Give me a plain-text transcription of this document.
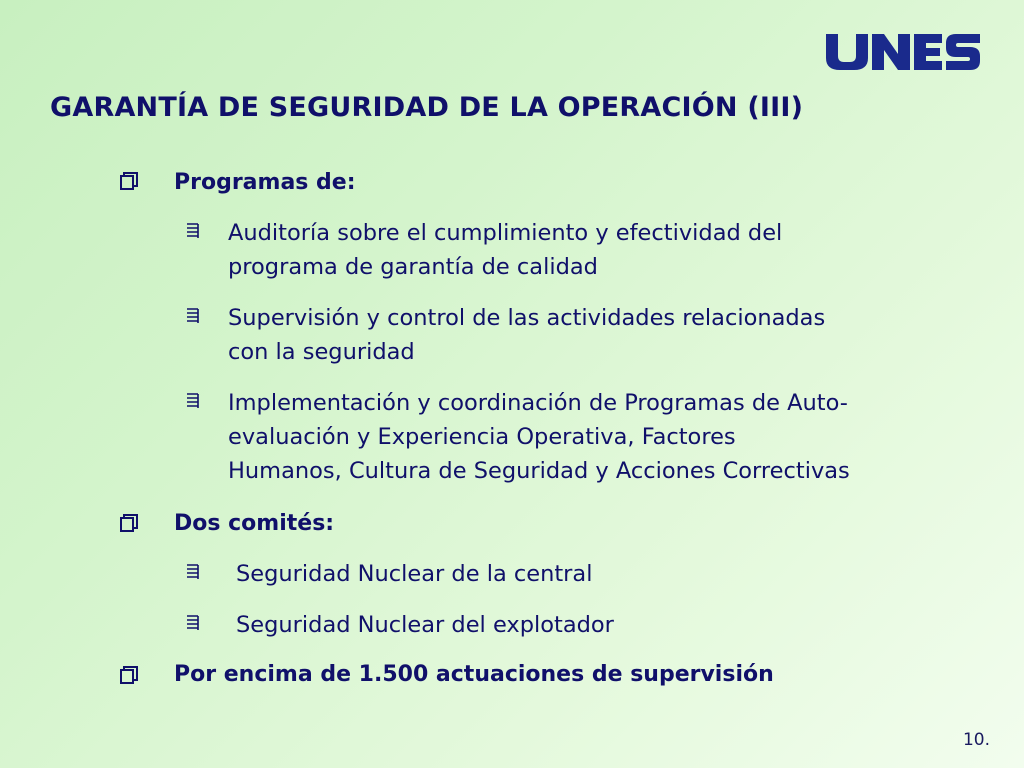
GARANTÍA DE SEGURIDAD DE LA OPERACIÓN (III)
Programas de:
Auditoría sobre el cumplimiento y efectividad del
programa de garantía de calidad
Supervisión y control de las actividades relacionadas
con la seguridad
Implementación y coordinación de Programas de Auto-
evaluación y Experiencia Operativa, Factores
Humanos, Cultura de Seguridad y Acciones Correctivas
Dos comités:
Seguridad Nuclear de la central
Seguridad Nuclear del explotador
Por encima de 1.500 actuaciones de supervisión
10.
